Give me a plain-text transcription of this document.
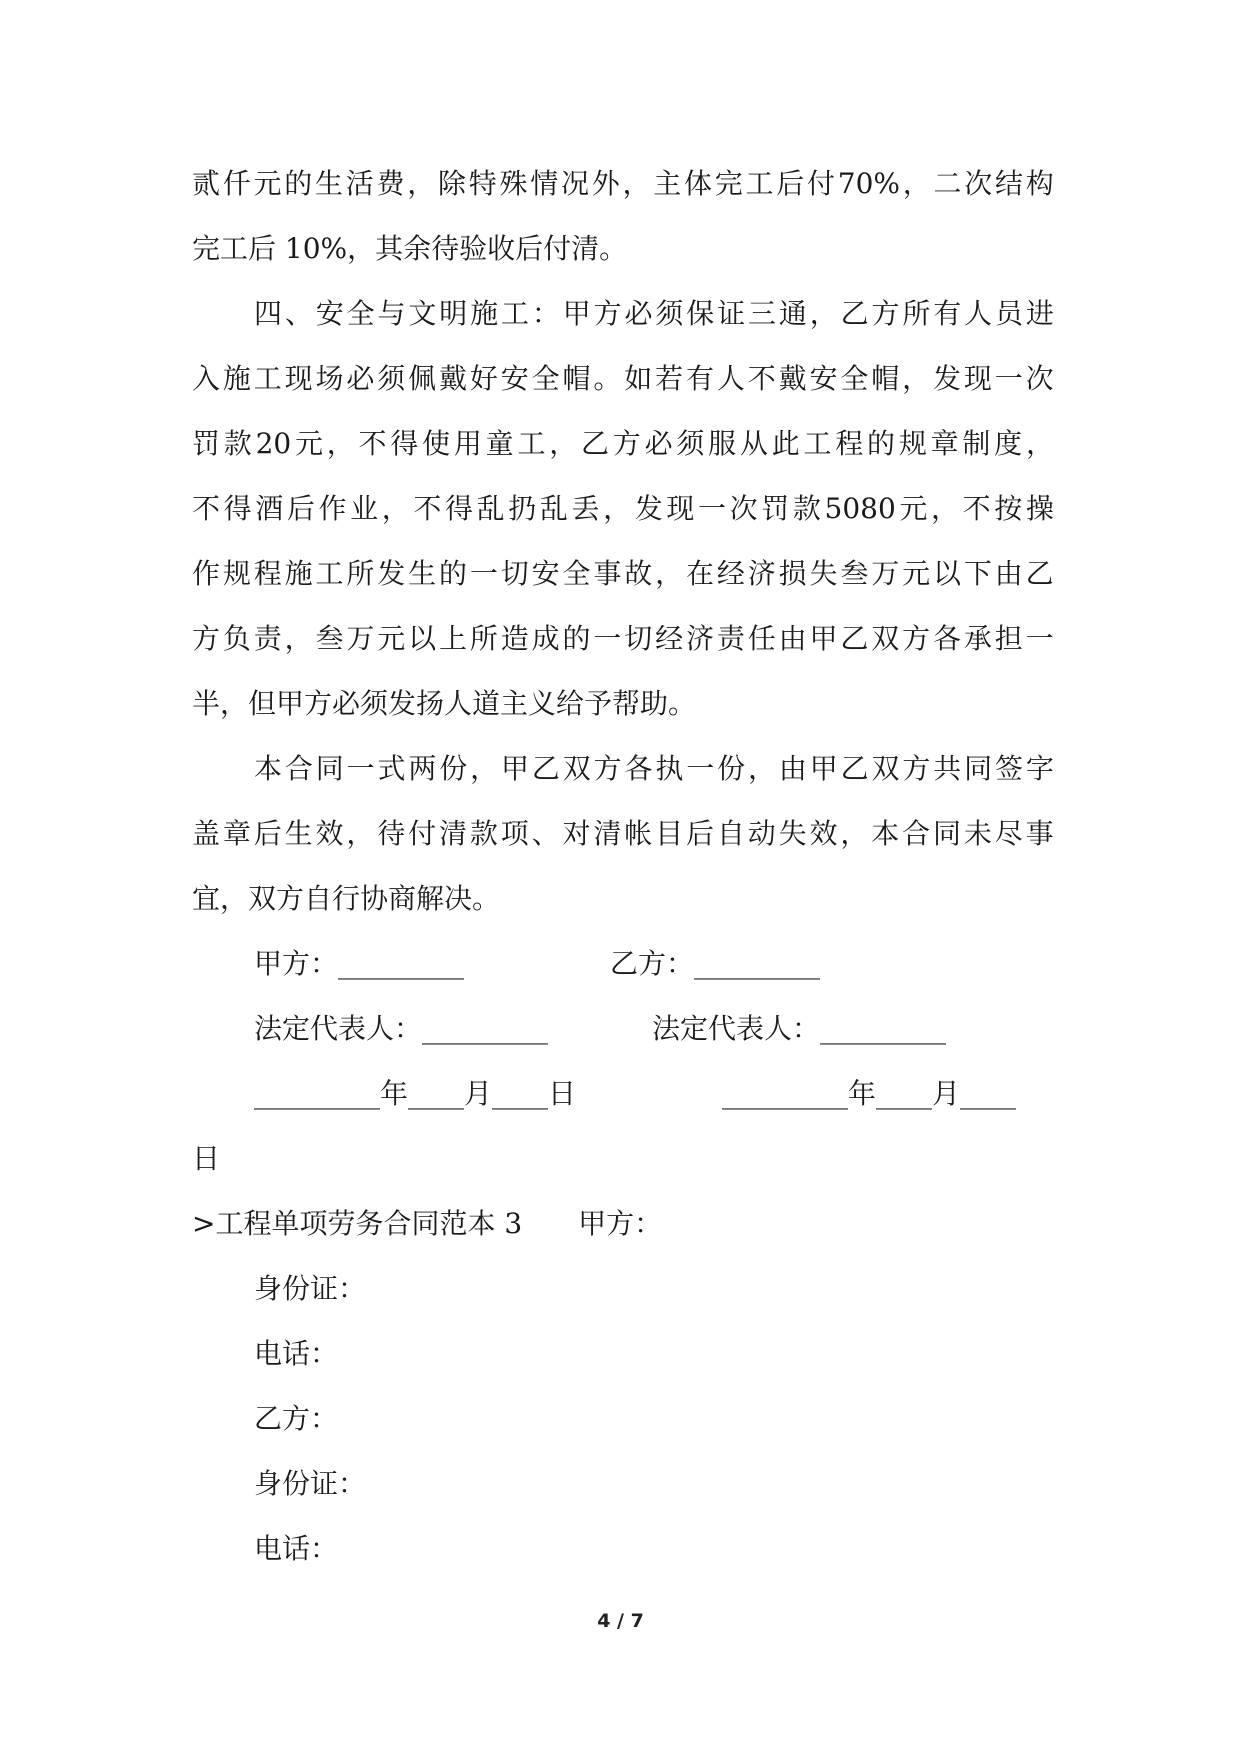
贰 仟 元 的 生 活 费 ， 除 特 殊 情 况 外 ， 主 体 完 工 后 付 70% ， 二 次 结 构
完工后 10%，其余待验收后付清。
四 、 安 全 与 文 明 施 工 ： 甲 方 必 须 保 证 三 通 ， 乙 方 所 有 人 员 进
入 施 工 现 场 必 须 佩 戴 好 安 全 帽 。 如 若 有 人 不 戴 安 全 帽 ， 发 现 一 次
罚 款 20 元 ， 不 得 使 用 童 工 ， 乙 方 必 须 服 从 此 工 程 的 规 章 制 度 ，
不 得 酒 后 作 业 ， 不 得 乱 扔 乱 丢 ， 发 现 一 次 罚 款 5080 元 ， 不 按 操
作 规 程 施 工 所 发 生 的 一 切 安 全 事 故 ， 在 经 济 损 失 叁 万 元 以 下 由 乙
方 负 责 ， 叁 万 元 以 上 所 造 成 的 一 切 经 济 责 任 由 甲 乙 双 方 各 承 担 一
半，但甲方必须发扬人道主义给予帮助。
本 合 同 一 式 两 份 ， 甲 乙 双 方 各 执 一 份 ， 由 甲 乙 双 方 共 同 签 字
盖 章 后 生 效 ， 待 付 清 款 项 、 对 清 帐 目 后 自 动 失 效 ， 本 合 同 未 尽 事
宜，双方自行协商解决。
甲方：_________	乙方：_________
法定代表人：_________	法定代表人：_________
_________年____月____日	_________年____月____
日
>工程单项劳务合同范本 3　　甲方：
身份证：
电话：
乙方：
身份证：
电话：
4 / 7
